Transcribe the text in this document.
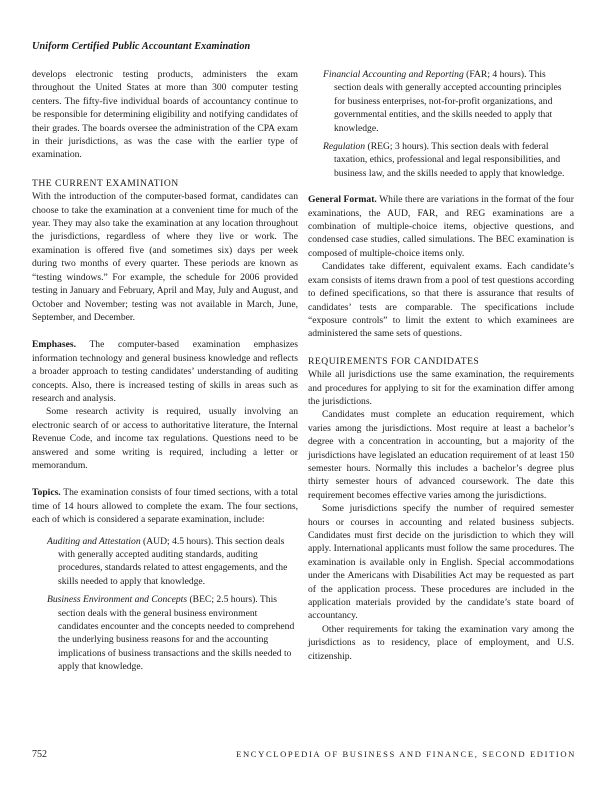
Uniform Certified Public Accountant Examination

develops electronic testing products, administers the exam throughout the United States at more than 300 computer testing centers. The fifty-five individual boards of accountancy continue to be responsible for determining eligibility and notifying candidates of their grades. The boards oversee the administration of the CPA exam in their jurisdictions, as was the case with the earlier type of examination.

THE CURRENT EXAMINATION

With the introduction of the computer-based format, candidates can choose to take the examination at a convenient time for much of the year. They may also take the examination at any location throughout the jurisdictions, regardless of where they live or work. The examination is offered five (and sometimes six) days per week during two months of every quarter. These periods are known as “testing windows.” For example, the schedule for 2006 provided testing in January and February, April and May, July and August, and October and November; testing was not available in March, June, September, and December.

Emphases. The computer-based examination emphasizes information technology and general business knowledge and reflects a broader approach to testing candidates’ understanding of auditing concepts. Also, there is increased testing of skills in areas such as research and analysis.

Some research activity is required, usually involving an electronic search of or access to authoritative literature, the Internal Revenue Code, and income tax regulations. Questions need to be answered and some writing is required, including a letter or memorandum.

Topics. The examination consists of four timed sections, with a total time of 14 hours allowed to complete the exam. The four sections, each of which is considered a separate examination, include:

Auditing and Attestation (AUD; 4.5 hours). This section deals with generally accepted auditing standards, auditing procedures, standards related to attest engagements, and the skills needed to apply that knowledge.
Business Environment and Concepts (BEC; 2.5 hours). This section deals with the general business environment candidates encounter and the concepts needed to comprehend the underlying business reasons for and the accounting implications of business transactions and the skills needed to apply that knowledge.
Financial Accounting and Reporting (FAR; 4 hours). This section deals with generally accepted accounting principles for business enterprises, not-for-profit organizations, and governmental entities, and the skills needed to apply that knowledge.
Regulation (REG; 3 hours). This section deals with federal taxation, ethics, professional and legal responsibilities, and business law, and the skills needed to apply that knowledge.

General Format. While there are variations in the format of the four examinations, the AUD, FAR, and REG examinations are a combination of multiple-choice items, objective questions, and condensed case studies, called simulations. The BEC examination is composed of multiple-choice items only.

Candidates take different, equivalent exams. Each candidate’s exam consists of items drawn from a pool of test questions according to defined specifications, so that there is assurance that results of candidates’ tests are comparable. The specifications include “exposure controls” to limit the extent to which examinees are administered the same sets of questions.

REQUIREMENTS FOR CANDIDATES

While all jurisdictions use the same examination, the requirements and procedures for applying to sit for the examination differ among the jurisdictions.

Candidates must complete an education requirement, which varies among the jurisdictions. Most require at least a bachelor’s degree with a concentration in accounting, but a majority of the jurisdictions have legislated an education requirement of at least 150 semester hours. Normally this includes a bachelor’s degree plus thirty semester hours of advanced coursework. The date this requirement becomes effective varies among the jurisdictions.

Some jurisdictions specify the number of required semester hours or courses in accounting and related business subjects. Candidates must first decide on the jurisdiction to which they will apply. International applicants must follow the same procedures. The examination is available only in English. Special accommodations under the Americans with Disabilities Act may be requested as part of the application process. These procedures are included in the application materials provided by the candidate’s state board of accountancy.

Other requirements for taking the examination vary among the jurisdictions as to residency, place of employment, and U.S. citizenship.

752	ENCYCLOPEDIA OF BUSINESS AND FINANCE, SECOND EDITION
